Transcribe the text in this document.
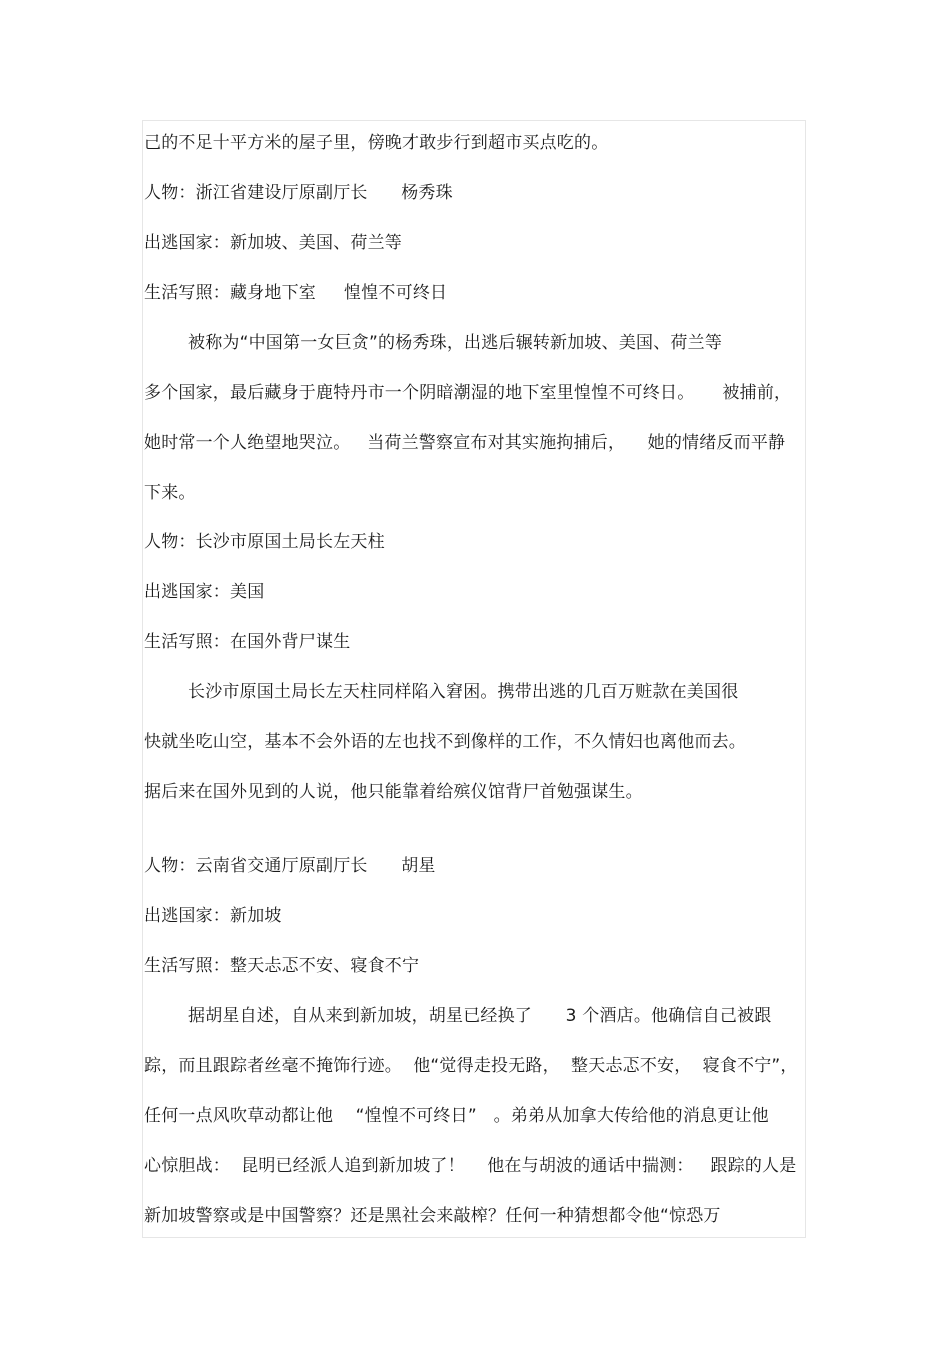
己的不足十平方米的屋子里，傍晚才敢步行到超市买点吃的。
人物：浙江省建设厅原副厅长      杨秀珠
出逃国家：新加坡、美国、荷兰等
生活写照：藏身地下室     惶惶不可终日
被称为“中国第一女巨贪”的杨秀珠，出逃后辗转新加坡、美国、荷兰等
多个国家，最后藏身于鹿特丹市一个阴暗潮湿的地下室里惶惶不可终日。     被捕前，
她时常一个人绝望地哭泣。   当荷兰警察宣布对其实施拘捕后，    她的情绪反而平静
下来。
人物：长沙市原国土局长左天柱
出逃国家：美国
生活写照：在国外背尸谋生
长沙市原国土局长左天柱同样陷入窘困。携带出逃的几百万赃款在美国很
快就坐吃山空，基本不会外语的左也找不到像样的工作，不久情妇也离他而去。
据后来在国外见到的人说，他只能靠着给殡仪馆背尸首勉强谋生。
人物：云南省交通厅原副厅长      胡星
出逃国家：新加坡
生活写照：整天忐忑不安、寝食不宁
据胡星自述，自从来到新加坡，胡星已经换了      3 个酒店。他确信自己被跟
踪，而且跟踪者丝毫不掩饰行迹。  他“觉得走投无路，  整天忐忑不安，  寝食不宁”，
任何一点风吹草动都让他    “惶惶不可终日”   。弟弟从加拿大传给他的消息更让他
心惊胆战：  昆明已经派人追到新加坡了！    他在与胡波的通话中揣测：   跟踪的人是
新加坡警察或是中国警察？还是黑社会来敲榨？任何一种猜想都令他“惊恐万
